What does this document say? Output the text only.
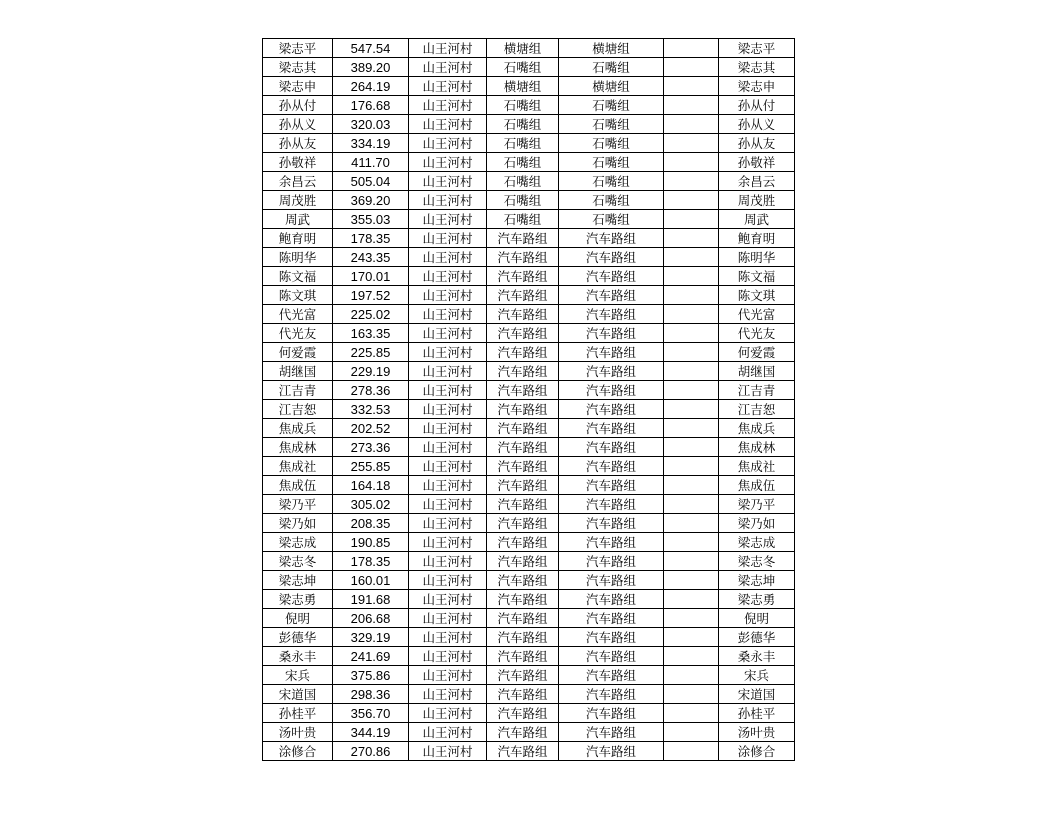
梁志平	547.54	山王河村	横塘组	横塘组		梁志平
梁志其	389.20	山王河村	石嘴组	石嘴组		梁志其
梁志申	264.19	山王河村	横塘组	横塘组		梁志申
孙从付	176.68	山王河村	石嘴组	石嘴组		孙从付
孙从义	320.03	山王河村	石嘴组	石嘴组		孙从义
孙从友	334.19	山王河村	石嘴组	石嘴组		孙从友
孙敬祥	411.70	山王河村	石嘴组	石嘴组		孙敬祥
余昌云	505.04	山王河村	石嘴组	石嘴组		余昌云
周茂胜	369.20	山王河村	石嘴组	石嘴组		周茂胜
周武	355.03	山王河村	石嘴组	石嘴组		周武
鲍育明	178.35	山王河村	汽车路组	汽车路组		鲍育明
陈明华	243.35	山王河村	汽车路组	汽车路组		陈明华
陈文福	170.01	山王河村	汽车路组	汽车路组		陈文福
陈文琪	197.52	山王河村	汽车路组	汽车路组		陈文琪
代光富	225.02	山王河村	汽车路组	汽车路组		代光富
代光友	163.35	山王河村	汽车路组	汽车路组		代光友
何爱霞	225.85	山王河村	汽车路组	汽车路组		何爱霞
胡继国	229.19	山王河村	汽车路组	汽车路组		胡继国
江吉青	278.36	山王河村	汽车路组	汽车路组		江吉青
江吉恕	332.53	山王河村	汽车路组	汽车路组		江吉恕
焦成兵	202.52	山王河村	汽车路组	汽车路组		焦成兵
焦成林	273.36	山王河村	汽车路组	汽车路组		焦成林
焦成社	255.85	山王河村	汽车路组	汽车路组		焦成社
焦成伍	164.18	山王河村	汽车路组	汽车路组		焦成伍
梁乃平	305.02	山王河村	汽车路组	汽车路组		梁乃平
梁乃如	208.35	山王河村	汽车路组	汽车路组		梁乃如
梁志成	190.85	山王河村	汽车路组	汽车路组		梁志成
梁志冬	178.35	山王河村	汽车路组	汽车路组		梁志冬
梁志坤	160.01	山王河村	汽车路组	汽车路组		梁志坤
梁志勇	191.68	山王河村	汽车路组	汽车路组		梁志勇
倪明	206.68	山王河村	汽车路组	汽车路组		倪明
彭德华	329.19	山王河村	汽车路组	汽车路组		彭德华
桑永丰	241.69	山王河村	汽车路组	汽车路组		桑永丰
宋兵	375.86	山王河村	汽车路组	汽车路组		宋兵
宋道国	298.36	山王河村	汽车路组	汽车路组		宋道国
孙桂平	356.70	山王河村	汽车路组	汽车路组		孙桂平
汤叶贵	344.19	山王河村	汽车路组	汽车路组		汤叶贵
涂修合	270.86	山王河村	汽车路组	汽车路组		涂修合
